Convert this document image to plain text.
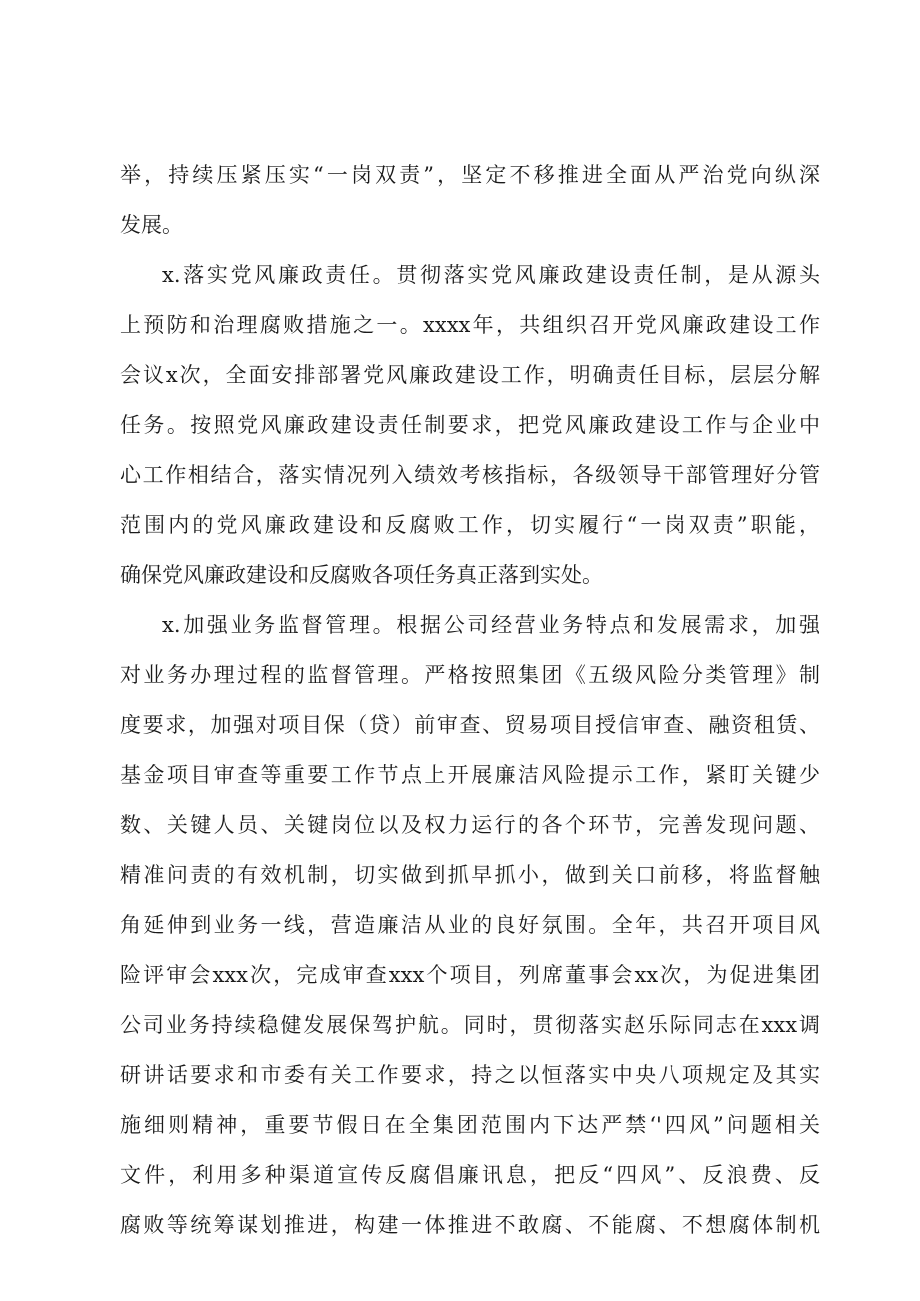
举，持续压紧压实“一岗双责”，坚定不移推进全面从严治党向纵深
发展。
x.落实党风廉政责任。贯彻落实党风廉政建设责任制，是从源头
上预防和治理腐败措施之一。xxxx年，共组织召开党风廉政建设工作
会议x次，全面安排部署党风廉政建设工作，明确责任目标，层层分解
任务。按照党风廉政建设责任制要求，把党风廉政建设工作与企业中
心工作相结合，落实情况列入绩效考核指标，各级领导干部管理好分管
范围内的党风廉政建设和反腐败工作，切实履行“一岗双责”职能，
确保党风廉政建设和反腐败各项任务真正落到实处。
x.加强业务监督管理。根据公司经营业务特点和发展需求，加强
对业务办理过程的监督管理。严格按照集团《五级风险分类管理》制
度要求，加强对项目保（贷）前审查、贸易项目授信审查、融资租赁、
基金项目审查等重要工作节点上开展廉洁风险提示工作，紧盯关键少
数、关键人员、关键岗位以及权力运行的各个环节，完善发现问题、
精准问责的有效机制，切实做到抓早抓小，做到关口前移，将监督触
角延伸到业务一线，营造廉洁从业的良好氛围。全年，共召开项目风
险评审会xxx次，完成审查xxx个项目，列席董事会xx次，为促进集团
公司业务持续稳健发展保驾护航。同时，贯彻落实赵乐际同志在xxx调
研讲话要求和市委有关工作要求，持之以恒落实中央八项规定及其实
施细则精神，重要节假日在全集团范围内下达严禁‘'四风”问题相关
文件，利用多种渠道宣传反腐倡廉讯息，把反“四风”、反浪费、反
腐败等统筹谋划推进，构建一体推进不敢腐、不能腐、不想腐体制机
